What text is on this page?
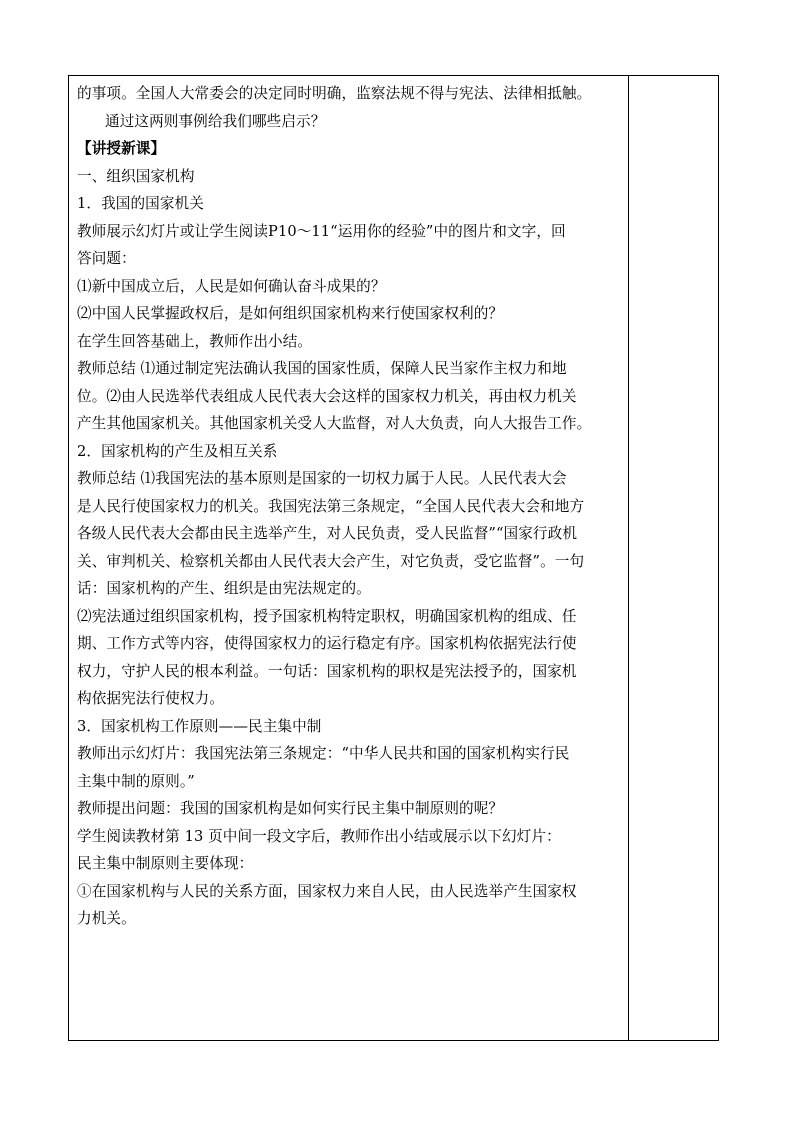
的事项。全国人大常委会的决定同时明确，监察法规不得与宪法、法律相抵触。
通过这两则事例给我们哪些启示？
【讲授新课】
一、组织国家机构
1．我国的国家机关
教师展示幻灯片或让学生阅读P10～11“运用你的经验”中的图片和文字，回
答问题：
⑴新中国成立后，人民是如何确认奋斗成果的？
⑵中国人民掌握政权后，是如何组织国家机构来行使国家权利的？
在学生回答基础上，教师作出小结。
教师总结 ⑴通过制定宪法确认我国的国家性质，保障人民当家作主权力和地
位。⑵由人民选举代表组成人民代表大会这样的国家权力机关，再由权力机关
产生其他国家机关。其他国家机关受人大监督，对人大负责，向人大报告工作。
2．国家机构的产生及相互关系
教师总结 ⑴我国宪法的基本原则是国家的一切权力属于人民。人民代表大会
是人民行使国家权力的机关。我国宪法第三条规定，“全国人民代表大会和地方
各级人民代表大会都由民主选举产生，对人民负责，受人民监督”“国家行政机
关、审判机关、检察机关都由人民代表大会产生，对它负责，受它监督”。一句
话：国家机构的产生、组织是由宪法规定的。
⑵宪法通过组织国家机构，授予国家机构特定职权，明确国家机构的组成、任
期、工作方式等内容，使得国家权力的运行稳定有序。国家机构依据宪法行使
权力，守护人民的根本利益。一句话：国家机构的职权是宪法授予的，国家机
构依据宪法行使权力。
3．国家机构工作原则——民主集中制
教师出示幻灯片：我国宪法第三条规定：“中华人民共和国的国家机构实行民
主集中制的原则。”
教师提出问题：我国的国家机构是如何实行民主集中制原则的呢？
学生阅读教材第 13 页中间一段文字后，教师作出小结或展示以下幻灯片：
民主集中制原则主要体现：
①在国家机构与人民的关系方面，国家权力来自人民，由人民选举产生国家权
力机关。
